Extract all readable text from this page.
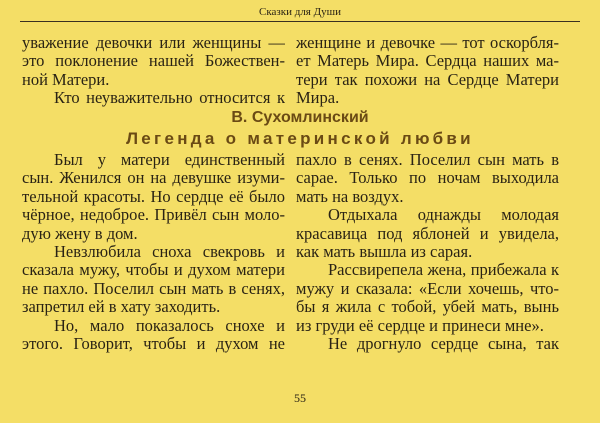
Сказки для Души
уважение девочки или женщины —
это поклонение нашей Божествен-
ной Матери.
Кто неуважительно относится к
женщине и девочке — тот оскорбля-
ет Матерь Мира. Сердца наших ма-
тери так похожи на Сердце Матери
Мира.
В. Сухомлинский
Легенда о материнской любви
Был у матери единственный
сын. Женился он на девушке изуми-
тельной красоты. Но сердце её было
чёрное, недоброе. Привёл сын моло-
дую жену в дом.
Невзлюбила сноха свекровь и
сказала мужу, чтобы и духом матери
не пахло. Поселил сын мать в сенях,
запретил ей в хату заходить.
Но, мало показалось снохе и
этого. Говорит, чтобы и духом не
пахло в сенях. Поселил сын мать в
сарае. Только по ночам выходила
мать на воздух.
Отдыхала однажды молодая
красавица под яблоней и увидела,
как мать вышла из сарая.
Рассвирепела жена, прибежала к
мужу и сказала: «Если хочешь, что-
бы я жила с тобой, убей мать, вынь
из груди её сердце и принеси мне».
Не дрогнуло сердце сына, так
55
